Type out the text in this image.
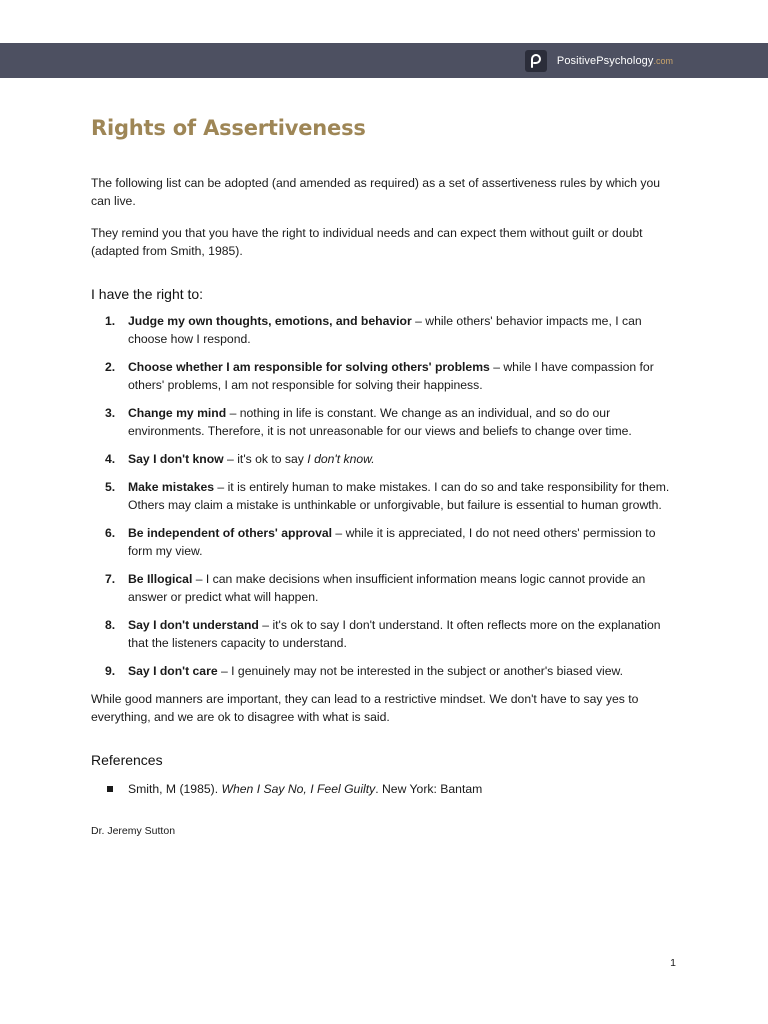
PositivePsychology .com
Rights of Assertiveness

The following list can be adopted (and amended as required) as a set of assertiveness rules by which you can live.

They remind you that you have the right to individual needs and can expect them without guilt or doubt (adapted from Smith, 1985).

I have the right to:
1. Judge my own thoughts, emotions, and behavior – while others' behavior impacts me, I can choose how I respond.
2. Choose whether I am responsible for solving others' problems – while I have compassion for others' problems, I am not responsible for solving their happiness.
3. Change my mind – nothing in life is constant. We change as an individual, and so do our environments. Therefore, it is not unreasonable for our views and beliefs to change over time.
4. Say I don't know – it's ok to say I don't know.
5. Make mistakes – it is entirely human to make mistakes. I can do so and take responsibility for them. Others may claim a mistake is unthinkable or unforgivable, but failure is essential to human growth.
6. Be independent of others' approval – while it is appreciated, I do not need others' permission to form my view.
7. Be Illogical – I can make decisions when insufficient information means logic cannot provide an answer or predict what will happen.
8. Say I don't understand – it's ok to say I don't understand. It often reflects more on the explanation that the listeners capacity to understand.
9. Say I don't care – I genuinely may not be interested in the subject or another's biased view.

While good manners are important, they can lead to a restrictive mindset. We don't have to say yes to everything, and we are ok to disagree with what is said.

References
Smith, M (1985). When I Say No, I Feel Guilty. New York: Bantam

Dr. Jeremy Sutton

1
